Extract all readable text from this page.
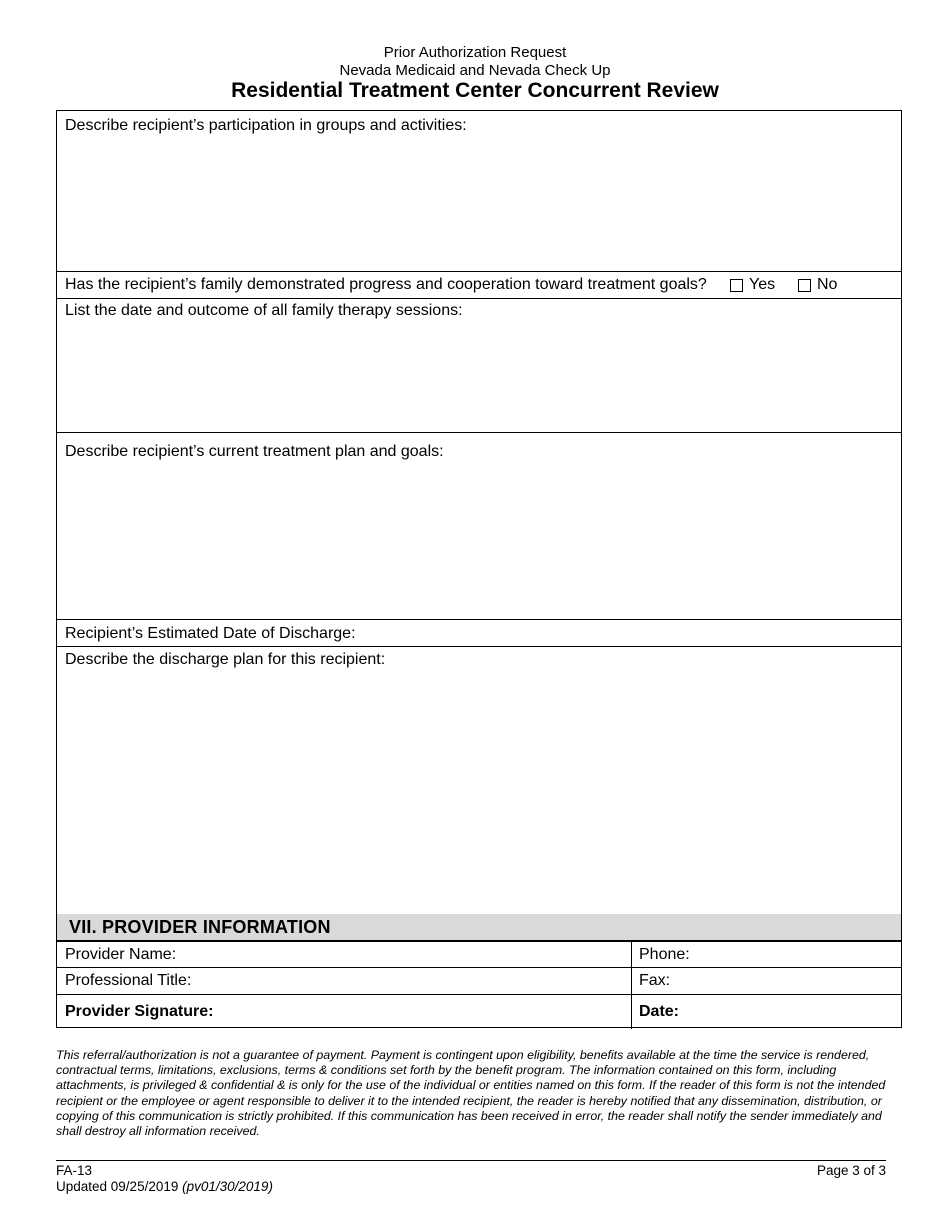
Prior Authorization Request
Nevada Medicaid and Nevada Check Up
Residential Treatment Center Concurrent Review
Describe recipient’s participation in groups and activities:
Has the recipient’s family demonstrated progress and cooperation toward treatment goals?	Yes	No
List the date and outcome of all family therapy sessions:
Describe recipient’s current treatment plan and goals:
Recipient’s Estimated Date of Discharge:
Describe the discharge plan for this recipient:
VII. PROVIDER INFORMATION
Provider Name:	Phone:
Professional Title:	Fax:
Provider Signature:	Date:
This referral/authorization is not a guarantee of payment. Payment is contingent upon eligibility, benefits available at the time the service is rendered, contractual terms, limitations, exclusions, terms & conditions set forth by the benefit program. The information contained on this form, including attachments, is privileged & confidential & is only for the use of the individual or entities named on this form. If the reader of this form is not the intended recipient or the employee or agent responsible to deliver it to the intended recipient, the reader is hereby notified that any dissemination, distribution, or copying of this communication is strictly prohibited. If this communication has been received in error, the reader shall notify the sender immediately and shall destroy all information received.
FA-13
Updated 09/25/2019 (pv01/30/2019)
Page 3 of 3
